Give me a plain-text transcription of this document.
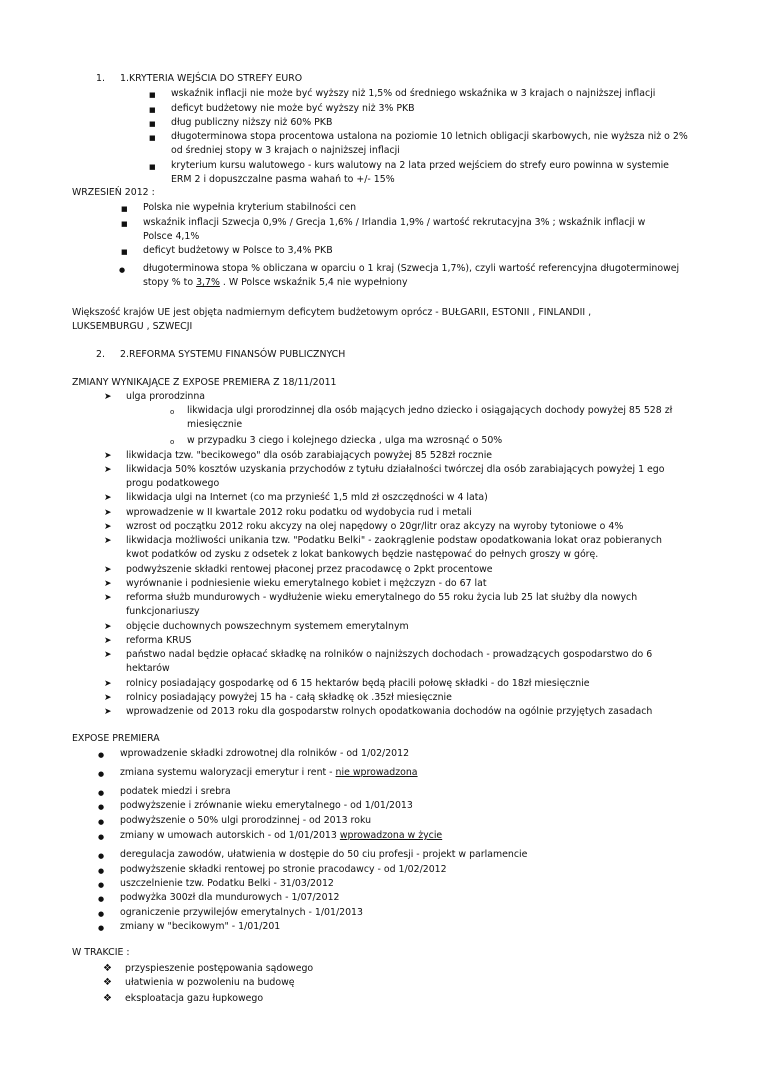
1. 1.KRYTERIA WEJŚCIA DO STREFY EURO
■ wskaźnik inflacji nie może być wyższy niż 1,5% od średniego wskaźnika w 3 krajach o najniższej inflacji
■ deficyt budżetowy nie może być wyższy niż 3% PKB
■ dług publiczny niższy niż 60% PKB
■ długoterminowa stopa procentowa ustalona na poziomie 10 letnich obligacji skarbowych, nie wyższa niż o 2%
od średniej stopy w 3 krajach o najniższej inflacji
■ kryterium kursu walutowego - kurs walutowy na 2 lata przed wejściem do strefy euro powinna w systemie
ERM 2 i dopuszczalne pasma wahań to +/- 15%
WRZESIEŃ 2012 :
■ Polska nie wypełnia kryterium stabilności cen
■ wskaźnik inflacji Szwecja 0,9% / Grecja 1,6% / Irlandia 1,9% / wartość rekrutacyjna 3% ; wskaźnik inflacji w
Polsce 4,1%
■ deficyt budżetowy w Polsce to 3,4% PKB
● długoterminowa stopa % obliczana w oparciu o 1 kraj (Szwecja 1,7%), czyli wartość referencyjna długoterminowej
stopy % to 3,7% . W Polsce wskaźnik 5,4 nie wypełniony
Większość krajów UE jest objęta nadmiernym deficytem budżetowym oprócz - BUŁGARII, ESTONII , FINLANDII ,
LUKSEMBURGU , SZWECJI
2. 2.REFORMA SYSTEMU FINANSÓW PUBLICZNYCH
ZMIANY WYNIKAJĄCE Z EXPOSE PREMIERA Z 18/11/2011
➤ ulga prorodzinna
o likwidacja ulgi prorodzinnej dla osób mających jedno dziecko i osiągających dochody powyżej 85 528 zł
miesięcznie
o w przypadku 3 ciego i kolejnego dziecka , ulga ma wzrosnąć o 50%
➤ likwidacja tzw. "becikowego" dla osób zarabiających powyżej 85 528zł rocznie
➤ likwidacja 50% kosztów uzyskania przychodów z tytułu działalności twórczej dla osób zarabiających powyżej 1 ego
progu podatkowego
➤ likwidacja ulgi na Internet (co ma przynieść 1,5 mld zł oszczędności w 4 lata)
➤ wprowadzenie w II kwartale 2012 roku podatku od wydobycia rud i metali
➤ wzrost od początku 2012 roku akcyzy na olej napędowy o 20gr/litr oraz akcyzy na wyroby tytoniowe o 4%
➤ likwidacja możliwości unikania tzw. "Podatku Belki" - zaokrąglenie podstaw opodatkowania lokat oraz pobieranych
kwot podatków od zysku z odsetek z lokat bankowych będzie następować do pełnych groszy w górę.
➤ podwyższenie składki rentowej płaconej przez pracodawcę o 2pkt procentowe
➤ wyrównanie i podniesienie wieku emerytalnego kobiet i mężczyzn - do 67 lat
➤ reforma służb mundurowych - wydłużenie wieku emerytalnego do 55 roku życia lub 25 lat służby dla nowych
funkcjonariuszy
➤ objęcie duchownych powszechnym systemem emerytalnym
➤ reforma KRUS
➤ państwo nadal będzie opłacać składkę na rolników o najniższych dochodach - prowadzących gospodarstwo do 6
hektarów
➤ rolnicy posiadający gospodarkę od 6 15 hektarów będą płacili połowę składki - do 18zł miesięcznie
➤ rolnicy posiadający powyżej 15 ha - całą składkę ok .35zł miesięcznie
➤ wprowadzenie od 2013 roku dla gospodarstw rolnych opodatkowania dochodów na ogólnie przyjętych zasadach
EXPOSE PREMIERA
● wprowadzenie składki zdrowotnej dla rolników - od 1/02/2012
● zmiana systemu waloryzacji emerytur i rent - nie wprowadzona
● podatek miedzi i srebra
● podwyższenie i zrównanie wieku emerytalnego - od 1/01/2013
● podwyższenie o 50% ulgi prorodzinnej - od 2013 roku
● zmiany w umowach autorskich - od 1/01/2013 wprowadzona w życie
● deregulacja zawodów, ułatwienia w dostępie do 50 ciu profesji - projekt w parlamencie
● podwyższenie składki rentowej po stronie pracodawcy - od 1/02/2012
● uszczelnienie tzw. Podatku Belki - 31/03/2012
● podwyżka 300zł dla mundurowych - 1/07/2012
● ograniczenie przywilejów emerytalnych - 1/01/2013
● zmiany w "becikowym" - 1/01/201
W TRAKCIE :
❖ przyspieszenie postępowania sądowego
❖ ułatwienia w pozwoleniu na budowę
❖ eksploatacja gazu łupkowego
